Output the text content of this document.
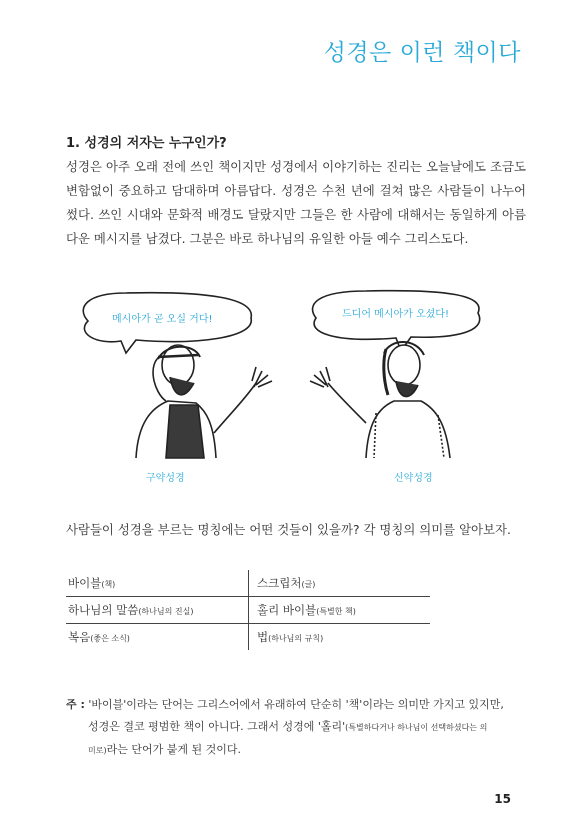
성경은 이런 책이다
1. 성경의 저자는 누구인가?
성경은 아주 오래 전에 쓰인 책이지만 성경에서 이야기하는 진리는 오늘날에도 조금도 변함없이 중요하고 담대하며 아름답다. 성경은 수천 년에 걸쳐 많은 사람들이 나누어 썼다. 쓰인 시대와 문화적 배경도 달랐지만 그들은 한 사람에 대해서는 동일하게 아름다운 메시지를 남겼다. 그분은 바로 하나님의 유일한 아들 예수 그리스도다.
메시아가 곧 오실 거다!	드디어 메시아가 오셨다!
구약성경	신약성경
사람들이 성경을 부르는 명칭에는 어떤 것들이 있을까? 각 명칭의 의미를 알아보자.
바이블(책)	스크립처(글)
하나님의 말씀(하나님의 진실)	홀리 바이블(특별한 책)
복음(좋은 소식)	법(하나님의 규칙)
주 : '바이블'이라는 단어는 그리스어에서 유래하여 단순히 '책'이라는 의미만 가지고 있지만,
성경은 결코 평범한 책이 아니다. 그래서 성경에 '홀리'(특별하다거나 하나님이 선택하셨다는 의
미로)라는 단어가 붙게 된 것이다.
15
